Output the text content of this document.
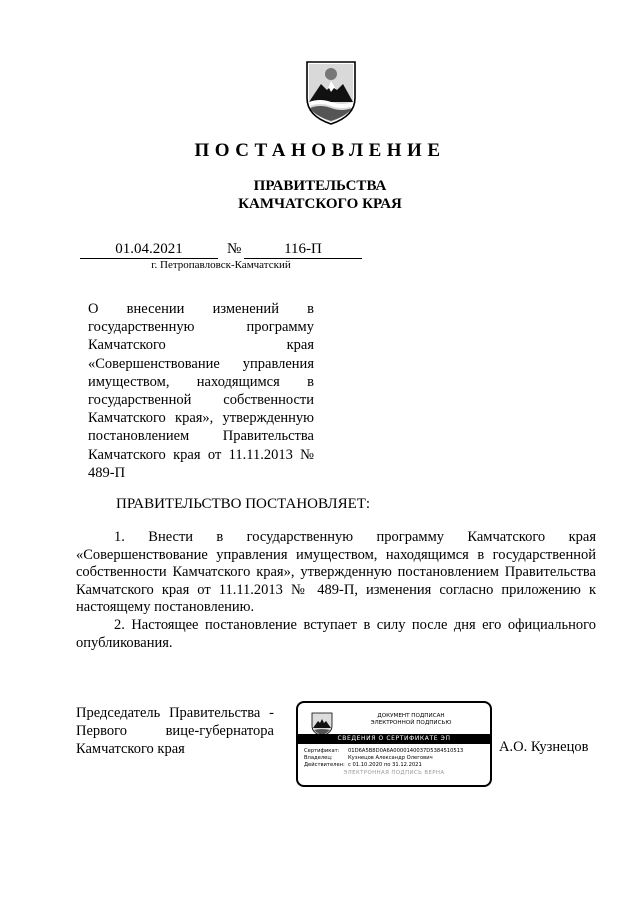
ПОСТАНОВЛЕНИЕ
ПРАВИТЕЛЬСТВА
КАМЧАТСКОГО КРАЯ
01.04.2021	№	116-П
г. Петропавловск-Камчатский
О внесении изменений в государственную программу Камчатского края «Совершенствование управления имуществом, находящимся в государственной собственности Камчатского края», утвержденную постановлением Правительства Камчатского края от 11.11.2013 № 489-П
ПРАВИТЕЛЬСТВО ПОСТАНОВЛЯЕТ:

1. Внести в государственную программу Камчатского края «Совершенствование управления имуществом, находящимся в государственной собственности Камчатского края», утвержденную постановлением Правительства Камчатского края от 11.11.2013 № 489-П, изменения согласно приложению к настоящему постановлению.

2. Настоящее постановление вступает в силу после дня его официального опубликования.

Председатель Правительства -
Первого вице-губернатора
Камчатского края	А.О. Кузнецов
ДОКУМЕНТ ПОДПИСАН
ЭЛЕКТРОННОЙ ПОДПИСЬЮ
СВЕДЕНИЯ О СЕРТИФИКАТЕ ЭП
Сертификат: 01D6A5B8D0A6A0000140037D5384510513
Владелец:	Кузнецов Александр Олегович
Действителен: с 01.10.2020 по 31.12.2021
ЭЛЕКТРОННАЯ ПОДПИСЬ ВЕРНА
